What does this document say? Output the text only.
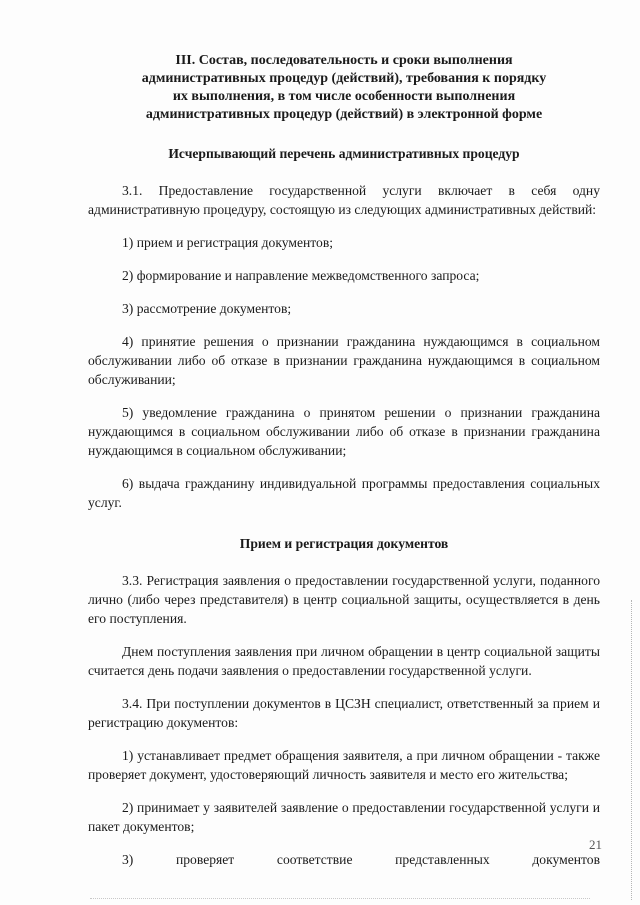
III. Состав, последовательность и сроки выполнения
административных процедур (действий), требования к порядку
их выполнения, в том числе особенности выполнения
административных процедур (действий) в электронной форме
Исчерпывающий перечень административных процедур

3.1. Предоставление государственной услуги включает в себя одну административную процедуру, состоящую из следующих административных действий:

1) прием и регистрация документов;

2) формирование и направление межведомственного запроса;

3) рассмотрение документов;

4) принятие решения о признании гражданина нуждающимся в социальном обслуживании либо об отказе в признании гражданина нуждающимся в социальном обслуживании;

5) уведомление гражданина о принятом решении о признании гражданина нуждающимся в социальном обслуживании либо об отказе в признании гражданина нуждающимся в социальном обслуживании;

6) выдача гражданину индивидуальной программы предоставления социальных услуг.

Прием и регистрация документов

3.3. Регистрация заявления о предоставлении государственной услуги, поданного лично (либо через представителя) в центр социальной защиты, осуществляется в день его поступления.

Днем поступления заявления при личном обращении в центр социальной защиты считается день подачи заявления о предоставлении государственной услуги.

3.4. При поступлении документов в ЦСЗН специалист, ответственный за прием и регистрацию документов:

1) устанавливает предмет обращения заявителя, а при личном обращении - также проверяет документ, удостоверяющий личность заявителя и место его жительства;

2) принимает у заявителей заявление о предоставлении государственной услуги и пакет документов;

3)	проверяет	соответствие	представленных	документов
21
